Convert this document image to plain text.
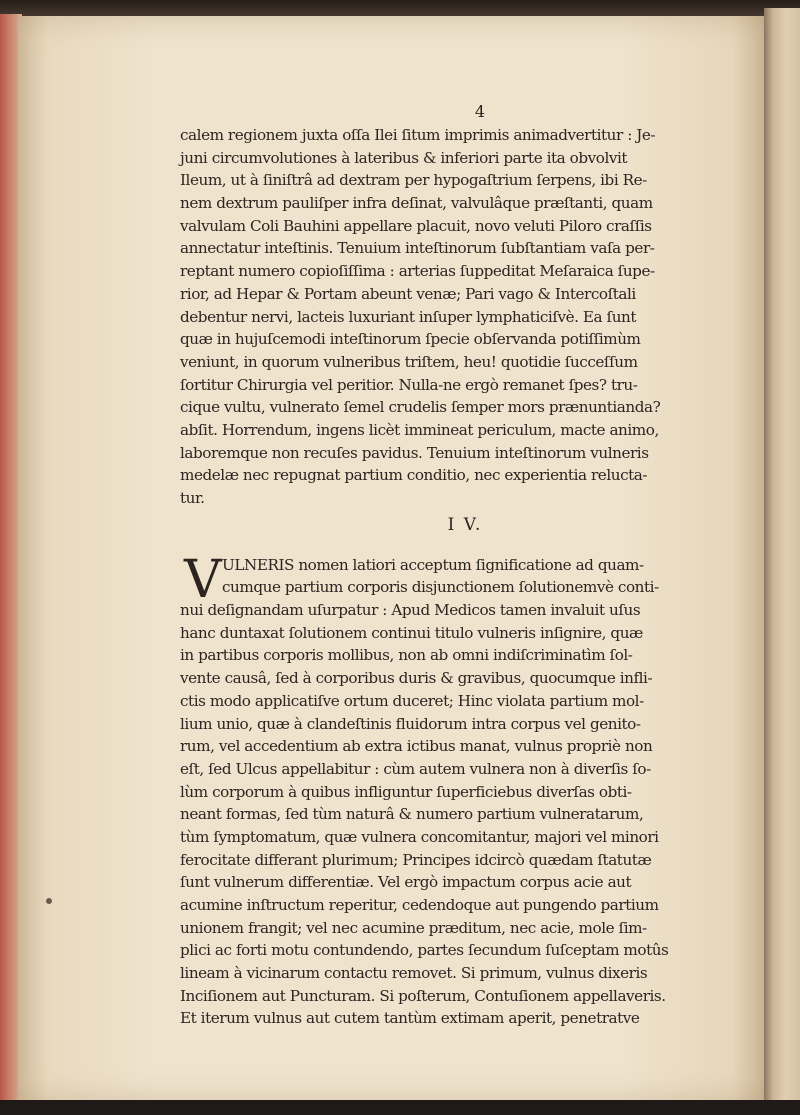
4
calem regionem juxta oſſa Ilei ſitum imprimis animadvertitur : Je-
juni circumvolutiones à lateribus & inferiori parte ita obvolvit
Ileum, ut à ſiniſtrâ ad dextram per hypogaſtrium ſerpens, ibi Re-
nem dextrum pauliſper infra deſinat, valvulâque præſtanti, quam
valvulam Coli Bauhini appellare placuit, novo veluti Piloro craſſis
annectatur inteſtinis. Tenuium inteſtinorum ſubſtantiam vaſa per-
reptant numero copioſiſſima : arterias ſuppeditat Meſaraica ſupe-
rior, ad Hepar & Portam abeunt venæ; Pari vago & Intercoſtali
debentur nervi, lacteis luxuriant inſuper lymphaticiſvè. Ea ſunt
quæ in hujuſcemodi inteſtinorum ſpecie obſervanda potiſſimùm
veniunt, in quorum vulneribus triſtem, heu! quotidie ſucceſſum
ſortitur Chirurgia vel peritior. Nulla-ne ergò remanet ſpes? tru-
cique vultu, vulnerato ſemel crudelis ſemper mors prænuntianda?
abſit. Horrendum, ingens licèt immineat periculum, macte animo,
laboremque non recuſes pavidus. Tenuium inteſtinorum vulneris
medelæ nec repugnat partium conditio, nec experientia relucta-
tur.
I V.
V ULNERIS nomen latiori acceptum ſignificatione ad quam-
cumque partium corporis disjunctionem ſolutionemvè conti-
nui deſignandam uſurpatur : Apud Medicos tamen invaluit uſus
hanc duntaxat ſolutionem continui titulo vulneris inſignire, quæ
in partibus corporis mollibus, non ab omni indiſcriminatìm ſol-
vente causâ, ſed à corporibus duris & gravibus, quocumque infli-
ctis modo applicatiſve ortum duceret; Hinc violata partium mol-
lium unio, quæ à clandeſtinis fluidorum intra corpus vel genito-
rum, vel accedentium ab extra ictibus manat, vulnus propriè non
eſt, ſed Ulcus appellabitur : cùm autem vulnera non à diverſis ſo-
lùm corporum à quibus infliguntur ſuperficiebus diverſas obti-
neant formas, ſed tùm naturâ & numero partium vulneratarum,
tùm ſymptomatum, quæ vulnera concomitantur, majori vel minori
ferocitate differant plurimum; Principes idcircò quædam ſtatutæ
ſunt vulnerum differentiæ. Vel ergò impactum corpus acie aut
acumine inſtructum reperitur, cedendoque aut pungendo partium
unionem frangit; vel nec acumine præditum, nec acie, mole ſim-
plici ac forti motu contundendo, partes ſecundum ſuſceptam motûs
lineam à vicinarum contactu removet. Si primum, vulnus dixeris
Inciſionem aut Puncturam. Si poſterum, Contuſionem appellaveris.
Et iterum vulnus aut cutem tantùm extimam aperit, penetratve
